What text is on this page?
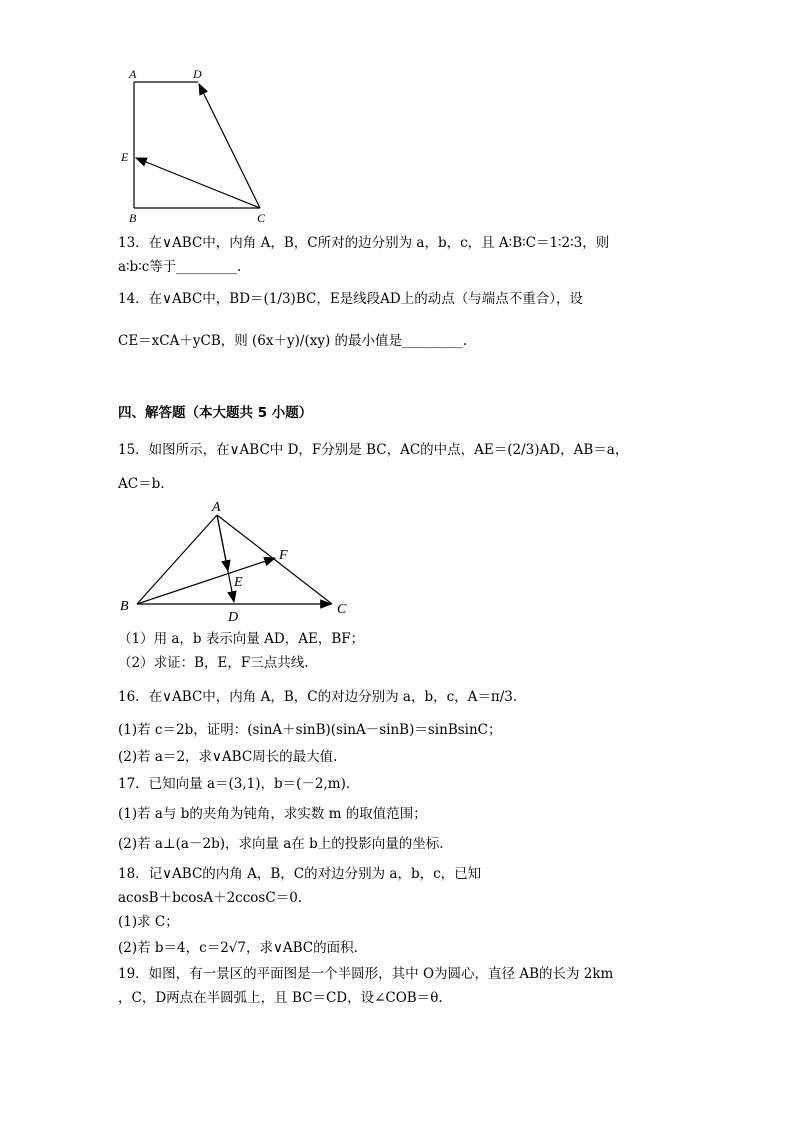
A	D
E
B	C
13．在∨ABC中，内角 A，B，C所对的边分别为 a，b，c，且 A∶B∶C＝1∶2∶3，则
a∶b∶c等于_________.
14．在∨ABC中，BD＝(1/3)BC，E是线段AD上的动点（与端点不重合），设
CE＝xCA＋yCB，则 (6x＋y)/(xy) 的最小值是_________.
四、解答题（本大题共 5 小题）
15．如图所示，在∨ABC中 D，F分别是 BC，AC的中点，AE＝(2/3)AD，AB＝a，
AC＝b.
A
F
E
B
D
C
（1）用 a，b 表示向量 AD，AE，BF；
（2）求证：B，E，F三点共线.
16．在∨ABC中，内角 A，B，C的对边分别为 a，b，c，A＝π/3.
(1)若 c＝2b，证明：(sinA＋sinB)(sinA－sinB)＝sinBsinC；
(2)若 a＝2，求∨ABC周长的最大值.
17．已知向量 a＝(3,1)，b＝(－2,m).
(1)若 a与 b的夹角为钝角，求实数 m 的取值范围；
(2)若 a⊥(a－2b)，求向量 a在 b上的投影向量的坐标.
18．记∨ABC的内角 A，B，C的对边分别为 a，b，c，已知
acosB＋bcosA＋2ccosC＝0.
(1)求 C；
(2)若 b＝4，c＝2√7，求∨ABC的面积.
19．如图，有一景区的平面图是一个半圆形，其中 O为圆心，直径 AB的长为 2km
，C，D两点在半圆弧上，且 BC＝CD，设∠COB＝θ.
